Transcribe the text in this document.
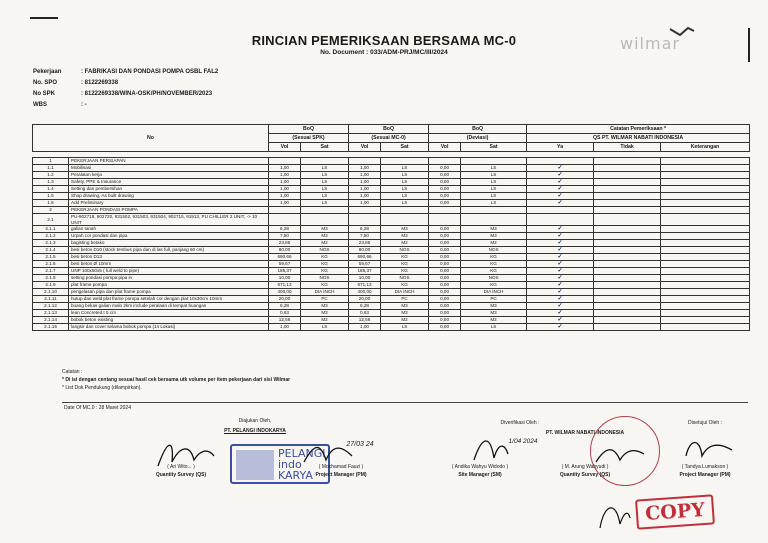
RINCIAN PEMERIKSAAN BERSAMA MC-0
No. Document : 033/ADM-PRJ/MC/III/2024	wilmar
Pekerjaan	: FABRIKASI DAN PONDASI POMPA OSBL FAL2
No. SPO	: 8122269338
No SPK	: 8122269338/WINA-OSK/PH/NOVEMBER/2023
WBS	: -
No		BoQ		BoQ		BoQ		Catatan Pemeriksaan *		
		(Sesuai SPK)		(Sesuai MC-0)		(Deviasi)		QS PT. WILMAR NABATI INDONESIA		
		Vol	Sat	Vol	Sat	Vol	Sat	Ya	Tidak	Keterangan

1	PEKERJAAN PERSIAPAN									
1.1	Mobilisasi	1,00	LS	1,00	LS	0,00	LS	✓		
1.2	Peralatan kerja	1,00	LS	1,00	LS	0,00	LS	✓		
1.3	Safety, PPE & Insurance	1,00	LS	1,00	LS	0,00	LS	✓		
1.4	Setting dan pembersihan	1,00	LS	1,00	LS	0,00	LS	✓		
1.5	Shop drawing, As built drawing	1,00	LS	1,00	LS	0,00	LS	✓		
1.6	Add Preliminary	1,00	LS	1,00	LS	0,00	LS	✓		
2	PEKERJAAN PONDASI POMPA									
2.1	PU-902718, 902720, 931502, 931503, 931504, 902715, 91913, PU CHILLER 2 UNIT, -> 10 UNIT									
2.1.1	galian tanah	6,28	M3	6,28	M3	0,00	M3	✓		
2.1.2	Urpah cor pondasi dan pipa	7,50	M3	7,50	M3	0,00	M3	✓		
2.1.3	bagisting betako	23,85	M2	23,85	M2	0,00	M2	✓		
2.1.4	besi beton D10 (stock tembus pipa dan di las full, panjang 60 cm)	80,00	NOS	80,00	NOS	0,00	NOS	✓		
2.1.5	besi beton D13	690,66	KG	690,66	KG	0,00	KG	✓		
2.1.6	besi beton Ø 10mm	59,67	KG	59,67	KG	0,00	KG	✓		
2.1.7	UNP 100x50x5 ( full weld to pipe)	185,37	KG	185,37	KG	0,00	KG	✓		
2.1.8	setting pondasi pompa pipa in	10,00	NOS	10,00	NOS	0,00	NOS	✓		
2.1.9	plat frame pompa	671,13	KG	671,13	KG	0,00	KG	✓		
2.1.10	pengelasan pipa dan plat frame pompa	400,00	DIA INCH	400,00	DIA INCH	0,00	DIA INCH	✓		
2.1.11	hutup dan weld plat frame pompa setelah cor dengan plat 10x30cm 10mm	20,00	PC	20,00	PC	0,00	PC	✓		
2.1.12	buang bekas galian malo 2km include peralaan di tempat buangan	6,28	M3	6,28	M3	0,00	M3	✓		
2.1.13	lean Concreted t 5 cm	0,63	M3	0,63	M3	0,00	M3	✓		
2.1.14	bobok beton existing	12,56	M2	12,56	M2	0,00	M2	✓		
2.1.15	langsir dan cover selama bobok pompa (14 Lokasi)	1,00	LS	1,00	LS	0,00	LS	✓		
Catatan :
* Di isi dengan centang sesuai hasil cek bersama utk volume per item pekerjaan dari sisi Wilmar
* List Dok Pendukung (dilampirkan).
Date Of MC.0 : 28 Maret 2024
Diajukan Oleh,
PT. PELANGI INDOKARYA
PELANGI
indo
KARYA
27/03 24
( Ari Wito... )
Quantity Survey (QS)
( Mochamad Fauzi )
Project Manager (PM)
Diverifikasi Oleh :
PT. WILMAR NABATI INDONESIA
1/04 2024
( Andika Wahyu Widodo )
Site Manager (SM)
( M. Arung Wahyudi )
Quantity Survey (QS)
Disetujui Oleh :
( Tandya Lumakson )
Project Manager (PM)
COPY
